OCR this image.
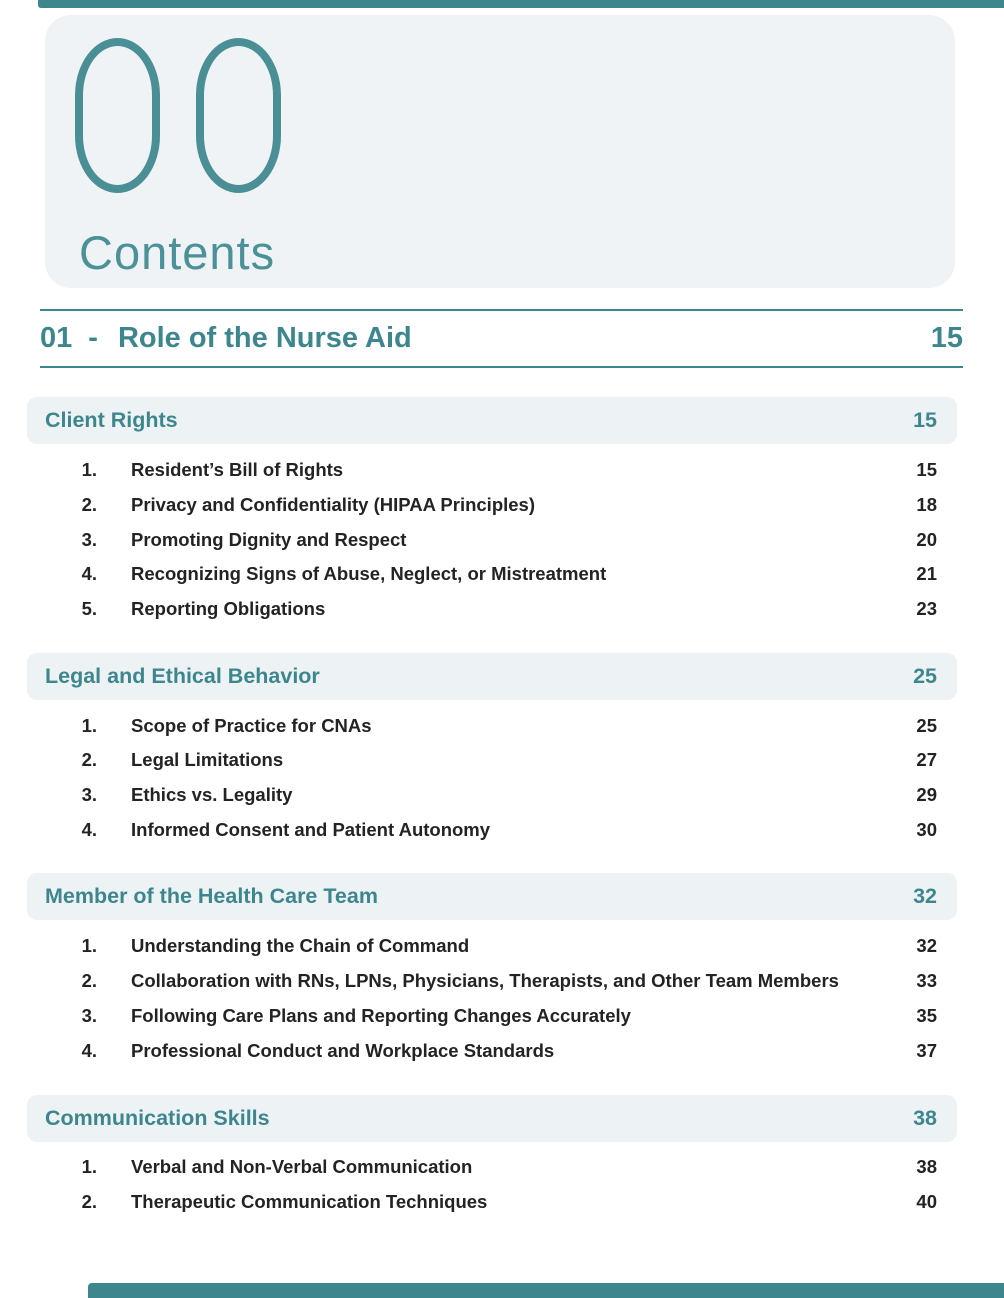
Contents
01 - Role of the Nurse Aid	15
Client Rights	15
1. Resident’s Bill of Rights	15
2. Privacy and Confidentiality (HIPAA Principles)	18
3. Promoting Dignity and Respect	20
4. Recognizing Signs of Abuse, Neglect, or Mistreatment	21
5. Reporting Obligations	23
Legal and Ethical Behavior	25
1. Scope of Practice for CNAs	25
2. Legal Limitations	27
3. Ethics vs. Legality	29
4. Informed Consent and Patient Autonomy	30
Member of the Health Care Team	32
1. Understanding the Chain of Command	32
2. Collaboration with RNs, LPNs, Physicians, Therapists, and Other Team Members	33
3. Following Care Plans and Reporting Changes Accurately	35
4. Professional Conduct and Workplace Standards	37
Communication Skills	38
1. Verbal and Non-Verbal Communication	38
2. Therapeutic Communication Techniques	40
